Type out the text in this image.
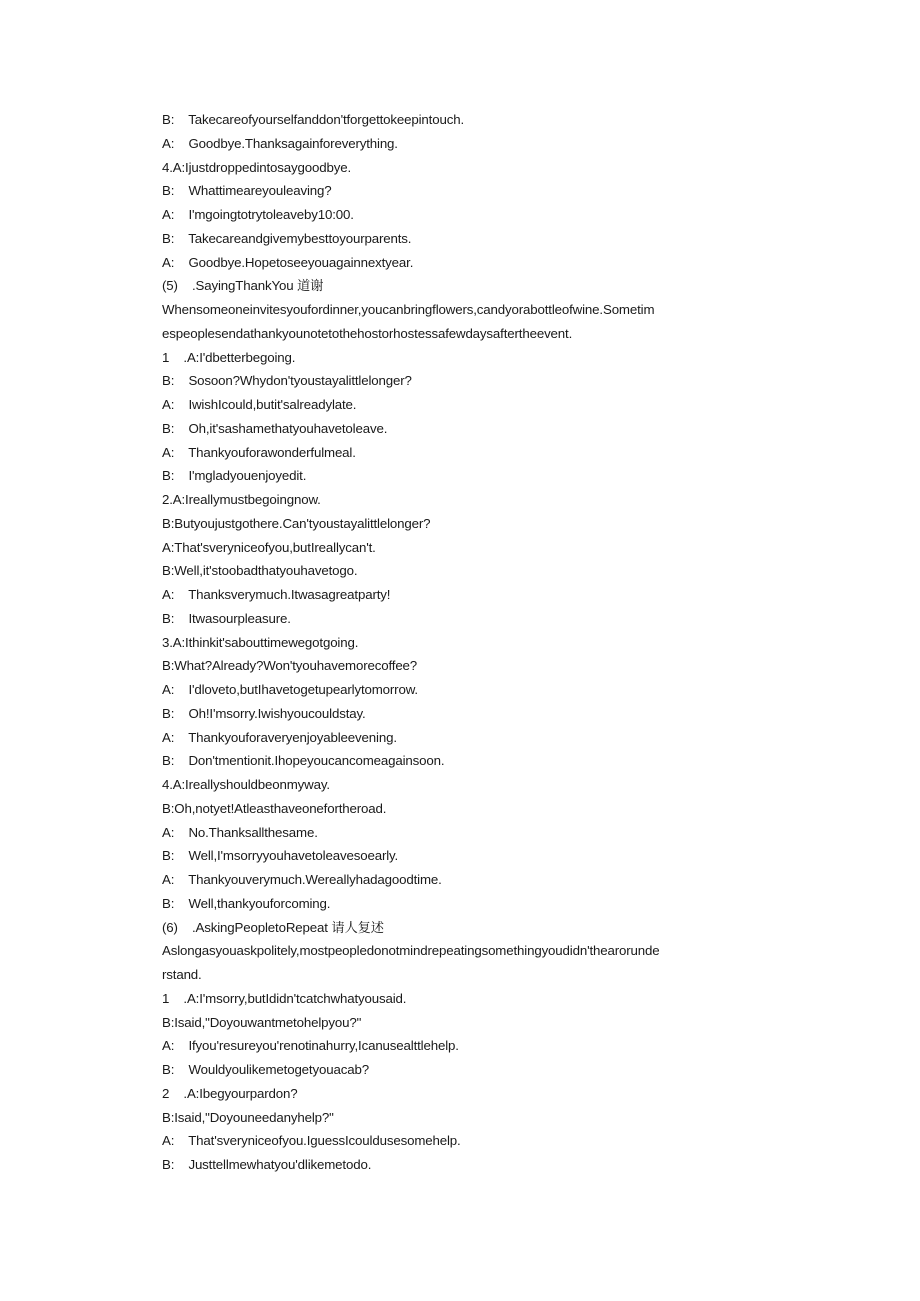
B:    Takecareofyourselfanddon'tforgettokeepintouch.
A:    Goodbye.Thanksagainforeverything.
4.A:Ijustdroppedintosaygoodbye.
B:    Whattimeareyouleaving?
A:    I'mgoingtotrytoleaveby10:00.
B:    Takecareandgivemybesttoyourparents.
A:    Goodbye.Hopetoseeyouagainnextyear.
(5)    .SayingThankYou 道谢
Whensomeoneinvitesyoufordinner,youcanbringflowers,candyorabottleofwine.Sometim
espeoplesendathankyounotetothehostorhostessafewdaysaftertheevent.
1    .A:I'dbetterbegoing.
B:    Sosoon?Whydon'tyoustayalittlelonger?
A:    IwishIcould,butit'salreadylate.
B:    Oh,it'sashamethatyouhavetoleave.
A:    Thankyouforawonderfulmeal.
B:    I'mgladyouenjoyedit.
2.A:Ireallymustbegoingnow.
B:Butyoujustgothere.Can'tyoustayalittlelonger?
A:That'sveryniceofyou,butIreallycan't.
B:Well,it'stoobadthatyouhavetogo.
A:    Thanksverymuch.Itwasagreatparty!
B:    Itwasourpleasure.
3.A:Ithinkit'sabouttimewegotgoing.
B:What?Already?Won'tyouhavemorecoffee?
A:    I'dloveto,butIhavetogetupearlytomorrow.
B:    Oh!I'msorry.Iwishyoucouldstay.
A:    Thankyouforaveryenjoyableevening.
B:    Don'tmentionit.Ihopeyoucancomeagainsoon.
4.A:Ireallyshouldbeonmyway.
B:Oh,notyet!Atleasthaveonefortheroad.
A:    No.Thanksallthesame.
B:    Well,I'msorryyouhavetoleavesoearly.
A:    Thankyouverymuch.Wereallyhadagoodtime.
B:    Well,thankyouforcoming.
(6)    .AskingPeopletoRepeat 请人复述
Aslongasyouaskpolitely,mostpeopledonotmindrepeatingsomethingyoudidn'thearorunde
rstand.
1    .A:I'msorry,butIdidn'tcatchwhatyousaid.
B:Isaid,"Doyouwantmetohelpyou?"
A:    Ifyou'resureyou'renotinahurry,Icanusealttlehelp.
B:    Wouldyoulikemetogetyouacab?
2    .A:Ibegyourpardon?
B:Isaid,"Doyouneedanyhelp?"
A:    That'sveryniceofyou.IguessIcouldusesomehelp.
B:    Justtellmewhatyou'dlikemetodo.
